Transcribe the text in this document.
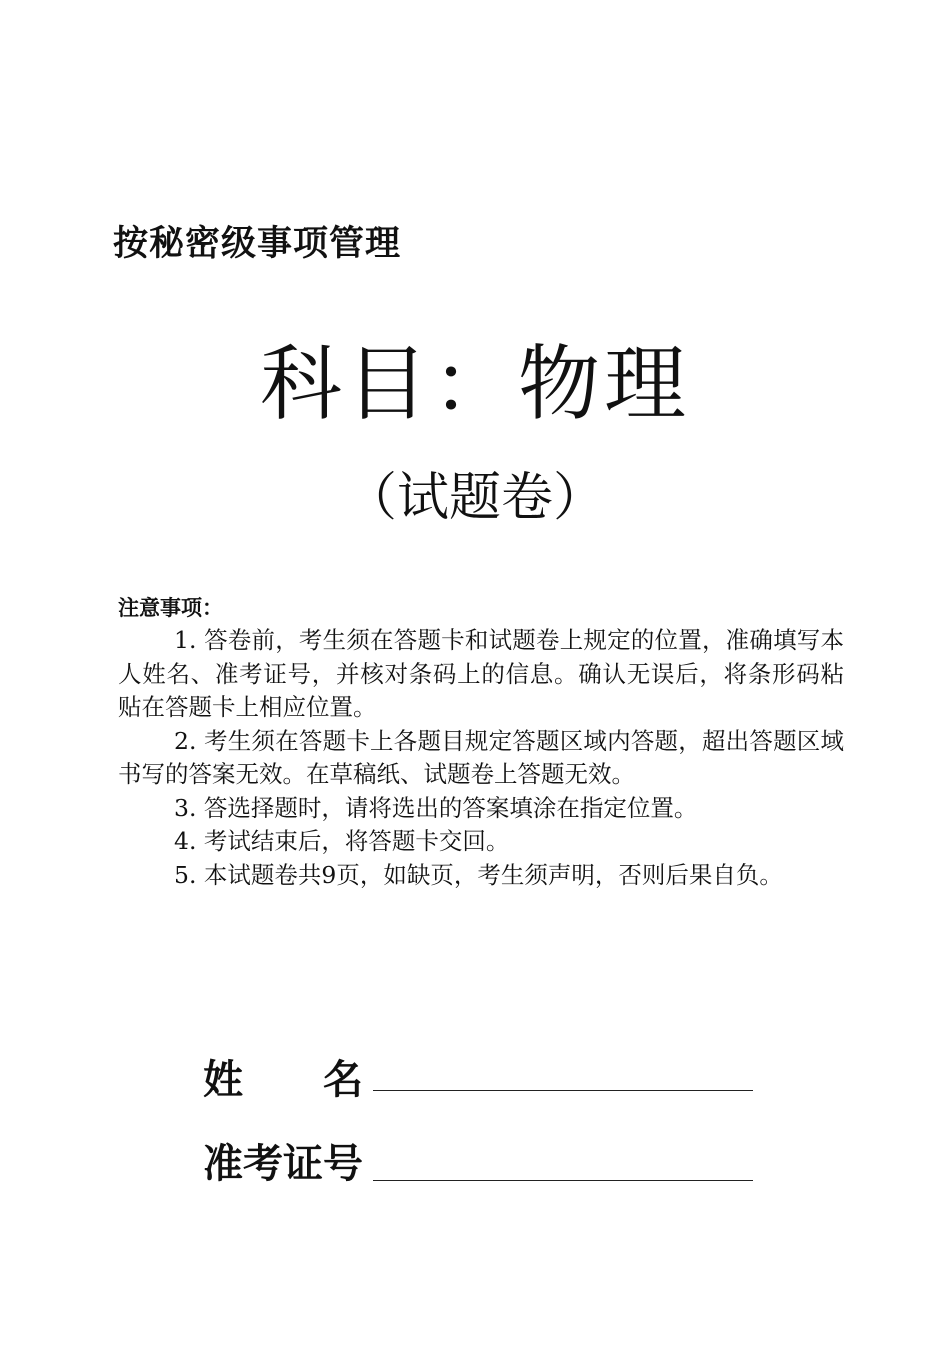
按秘密级事项管理
科目：物理
（试题卷）
注意事项：

1. 答卷前，考生须在答题卡和试题卷上规定的位置，准确填写本人姓名、准考证号，并核对条码上的信息。确认无误后，将条形码粘贴在答题卡上相应位置。

2. 考生须在答题卡上各题目规定答题区域内答题，超出答题区域书写的答案无效。在草稿纸、试题卷上答题无效。

3. 答选择题时，请将选出的答案填涂在指定位置。

4. 考试结束后，将答题卡交回。

5. 本试题卷共9页，如缺页，考生须声明，否则后果自负。

姓　　名
准考证号
